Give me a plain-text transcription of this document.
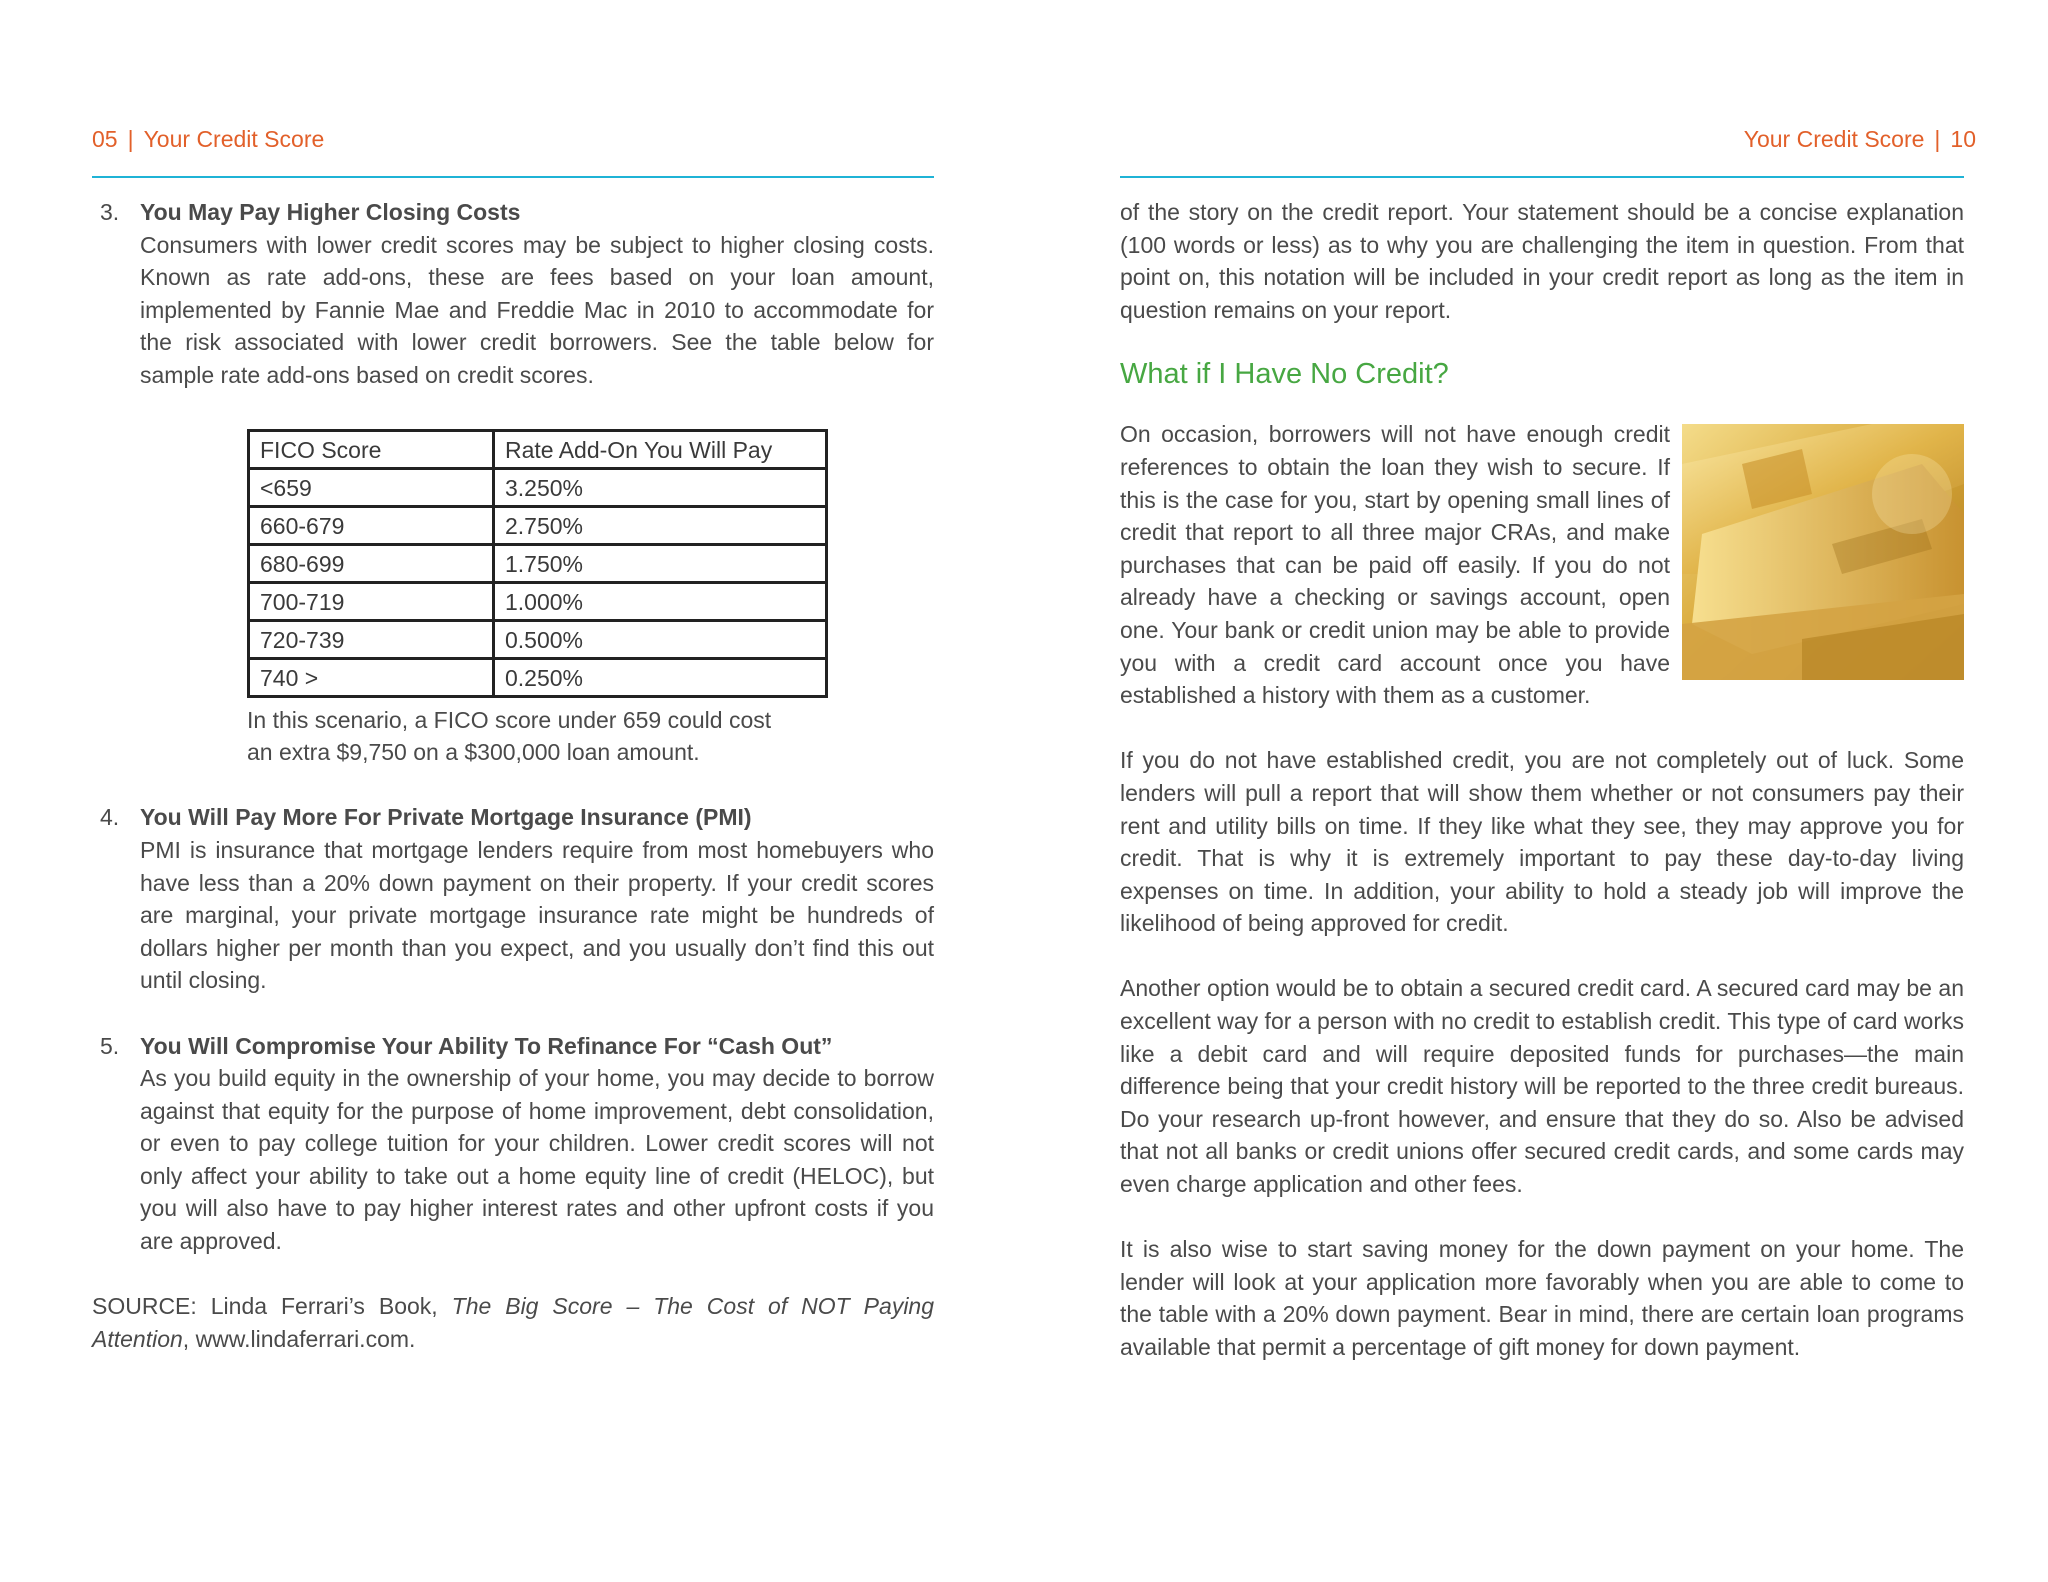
05 | Your Credit Score
3. You May Pay Higher Closing Costs

Consumers with lower credit scores may be subject to higher closing costs. Known as rate add-ons, these are fees based on your loan amount, implemented by Fannie Mae and Freddie Mac in 2010 to accommodate for the risk associated with lower credit borrowers. See the table below for sample rate add-ons based on credit scores.

FICO Score	Rate Add-On You Will Pay
<659	3.250%
660-679	2.750%
680-699	1.750%
700-719	1.000%
720-739	0.500%
740 >	0.250%
In this scenario, a FICO score under 659 could cost
an extra $9,750 on a $300,000 loan amount.
4. You Will Pay More For Private Mortgage Insurance (PMI)

PMI is insurance that mortgage lenders require from most homebuyers who have less than a 20% down payment on their property. If your credit scores are marginal, your private mortgage insurance rate might be hundreds of dollars higher per month than you expect, and you usually don’t find this out until closing.

5. You Will Compromise Your Ability To Refinance For “Cash Out”

As you build equity in the ownership of your home, you may decide to borrow against that equity for the purpose of home improvement, debt consolidation, or even to pay college tuition for your children. Lower credit scores will not only affect your ability to take out a home equity line of credit (HELOC), but you will also have to pay higher interest rates and other upfront costs if you are approved.

SOURCE: Linda Ferrari’s Book, The Big Score – The Cost of NOT Paying Attention, www.lindaferrari.com.

Your Credit Score | 10

of the story on the credit report. Your statement should be a concise explanation (100 words or less) as to why you are challenging the item in question. From that point on, this notation will be included in your credit report as long as the item in question remains on your report.

What if I Have No Credit?

On occasion, borrowers will not have enough credit references to obtain the loan they wish to secure. If this is the case for you, start by opening small lines of credit that report to all three major CRAs, and make purchases that can be paid off easily. If you do not already have a checking or savings account, open one. Your bank or credit union may be able to provide you with a credit card account once you have established a history with them as a customer.

If you do not have established credit, you are not completely out of luck. Some lenders will pull a report that will show them whether or not consumers pay their rent and utility bills on time. If they like what they see, they may approve you for credit. That is why it is extremely important to pay these day-to-day living expenses on time. In addition, your ability to hold a steady job will improve the likelihood of being approved for credit.

Another option would be to obtain a secured credit card. A secured card may be an excellent way for a person with no credit to establish credit. This type of card works like a debit card and will require deposited funds for purchases—the main difference being that your credit history will be reported to the three credit bureaus. Do your research up-front however, and ensure that they do so. Also be advised that not all banks or credit unions offer secured credit cards, and some cards may even charge application and other fees.

It is also wise to start saving money for the down payment on your home. The lender will look at your application more favorably when you are able to come to the table with a 20% down payment. Bear in mind, there are certain loan programs available that permit a percentage of gift money for down payment.
